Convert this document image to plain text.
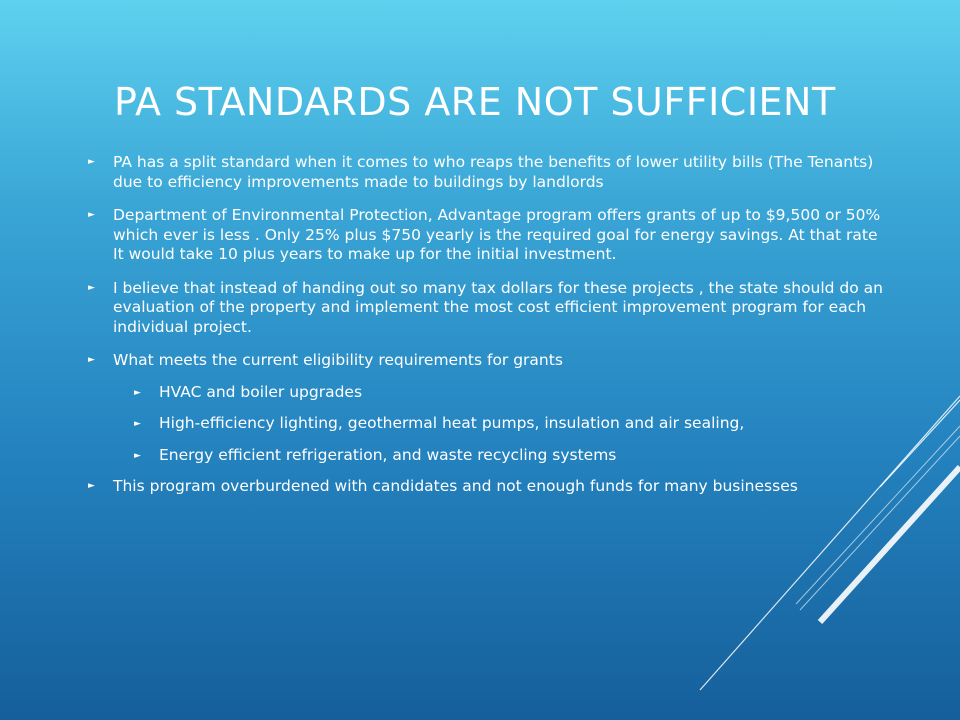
PA STANDARDS ARE NOT SUFFICIENT
► PA has a split standard when it comes to who reaps the benefits of lower utility bills (The Tenants) due to efficiency improvements made to buildings by landlords
► Department of Environmental Protection, Advantage program offers grants of up to $9,500 or 50% which ever is less . Only 25% plus $750 yearly is the required goal for energy savings. At that rate It would take 10 plus years to make up for the initial investment.
► I believe that instead of handing out so many tax dollars for these projects , the state should do an evaluation of the property and implement the most cost efficient improvement program for each individual project.
► What meets the current eligibility requirements for grants
► HVAC and boiler upgrades
► High-efficiency lighting, geothermal heat pumps, insulation and air sealing,
► Energy efficient refrigeration, and waste recycling systems
► This program overburdened with candidates and not enough funds for many businesses
